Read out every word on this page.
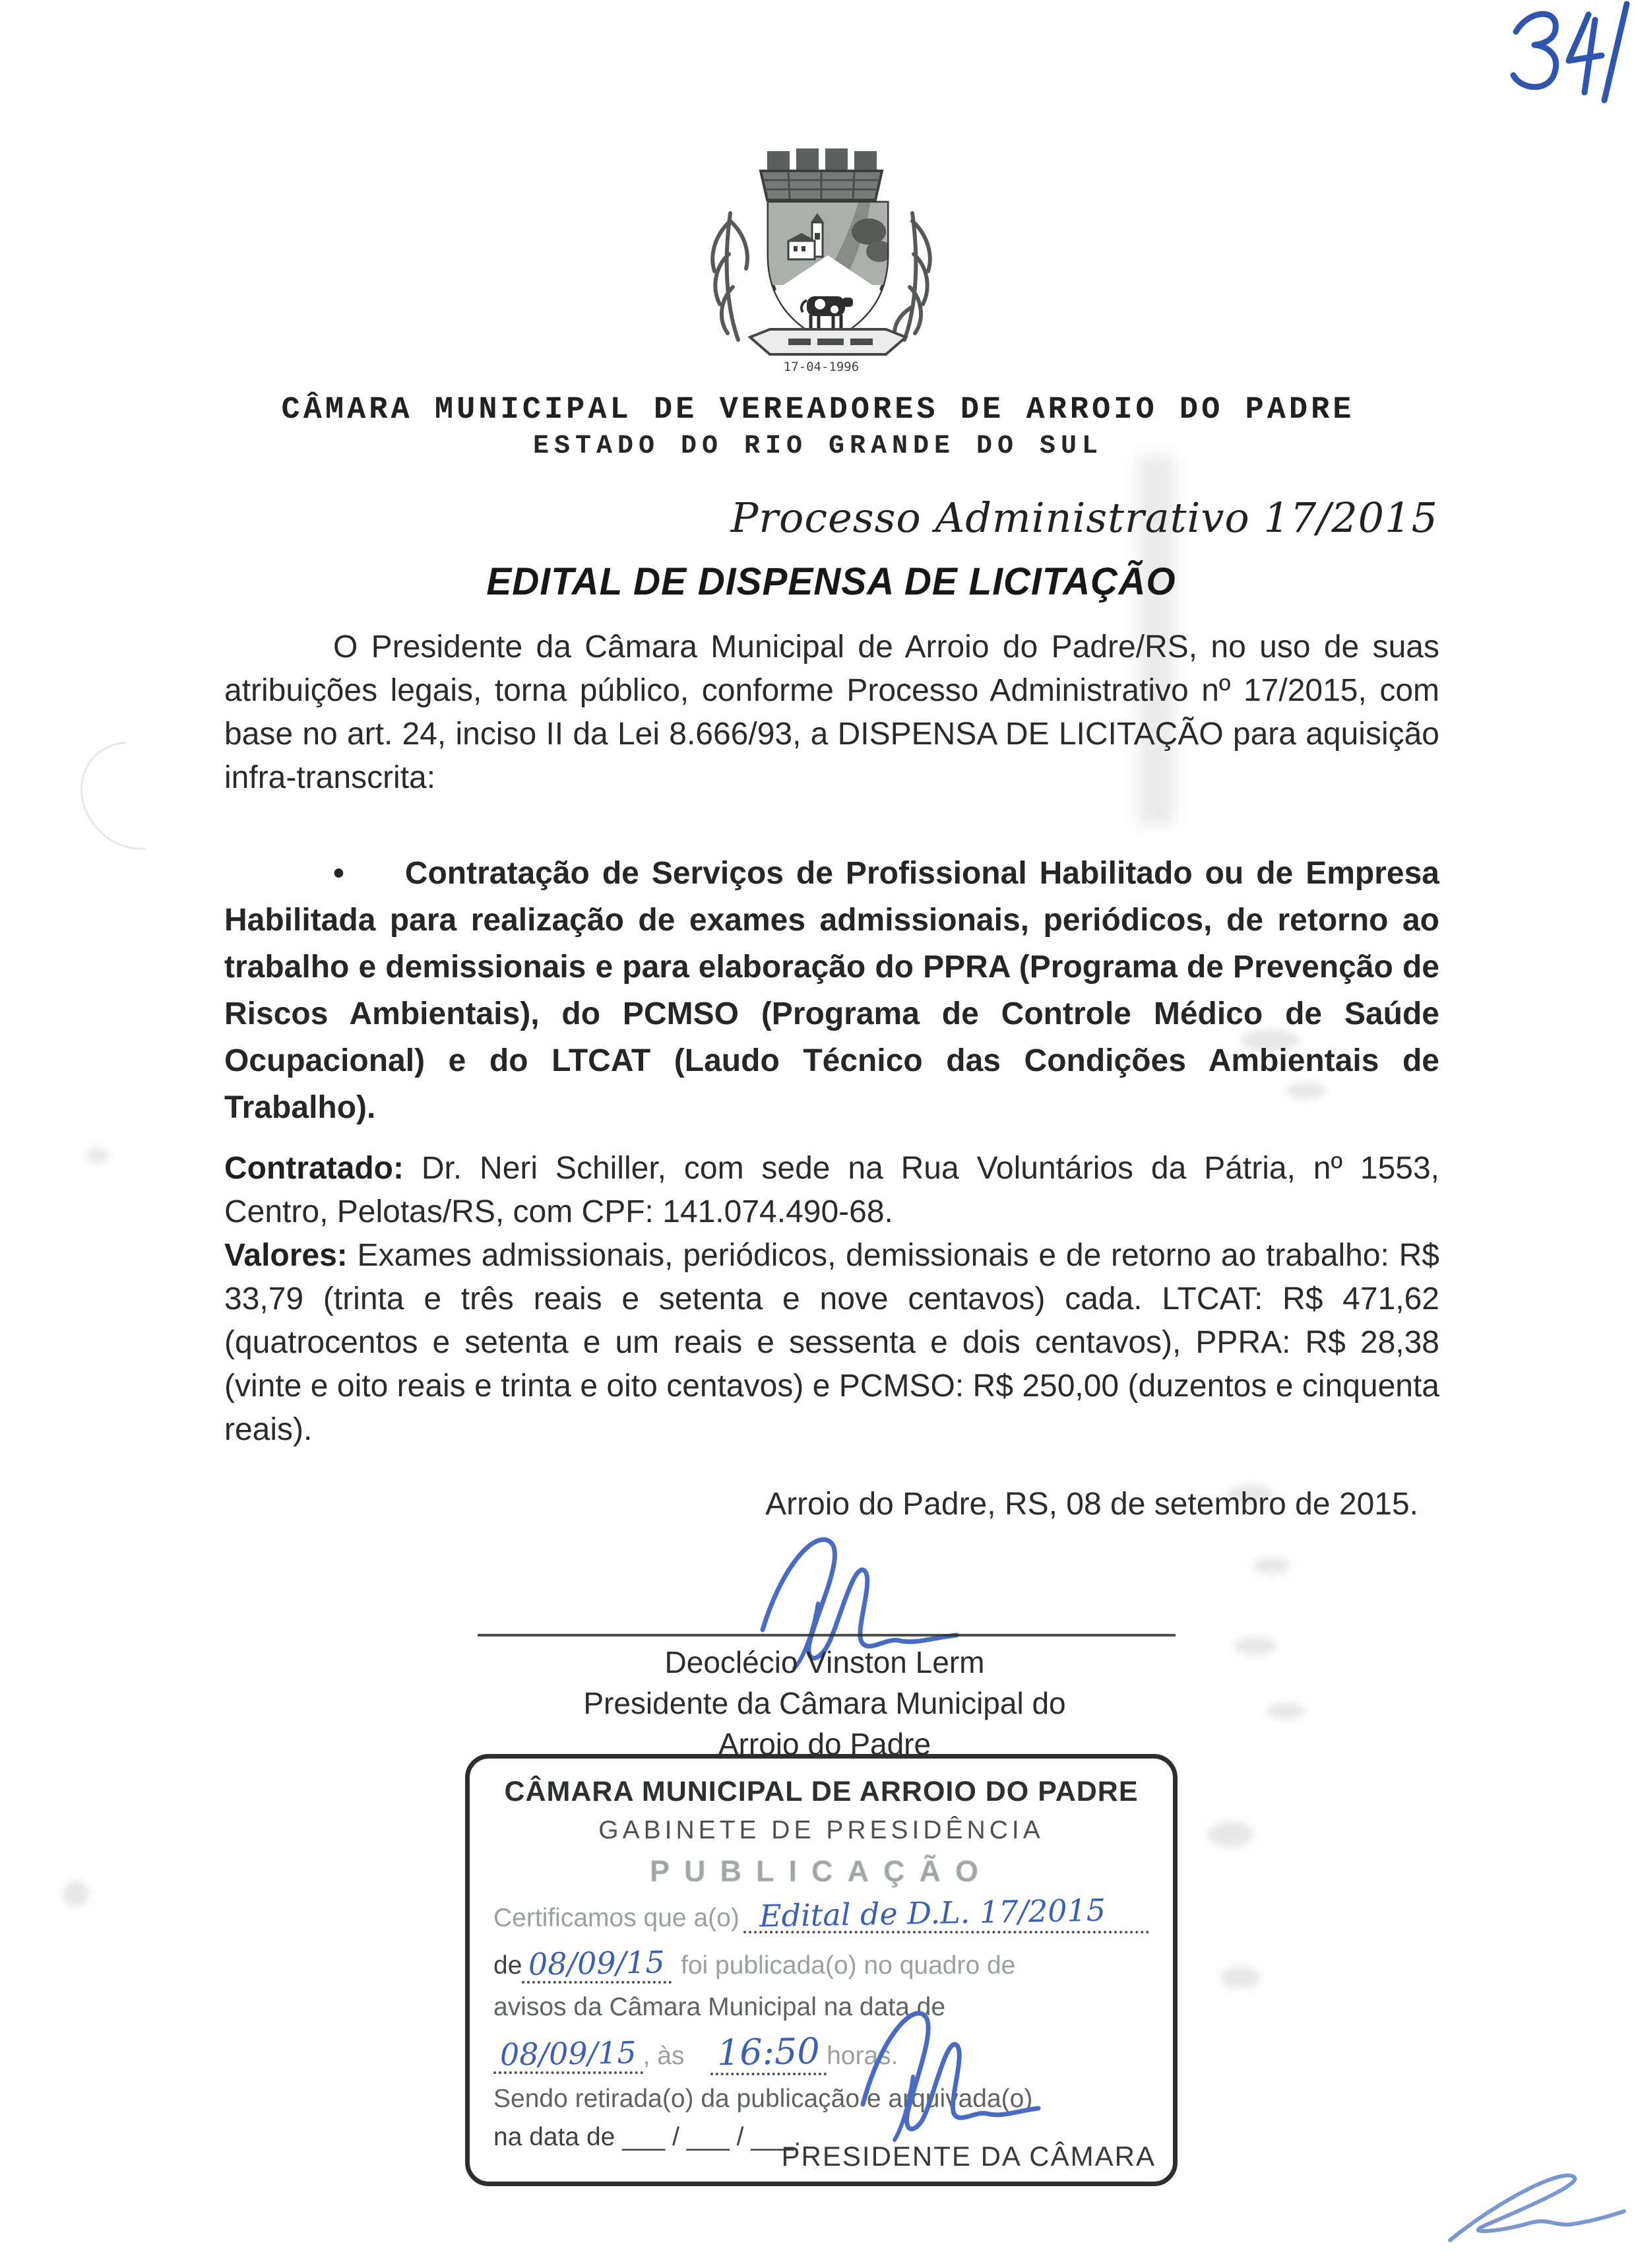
17-04-1996
CÂMARA MUNICIPAL DE VEREADORES DE ARROIO DO PADRE
ESTADO DO RIO GRANDE DO SUL
Processo Administrativo 17/2015
EDITAL DE DISPENSA DE LICITAÇÃO
O Presidente da Câmara Municipal de Arroio do Padre/RS, no uso de suas atribuições legais, torna público, conforme Processo Administrativo nº 17/2015, com base no art. 24, inciso II da Lei 8.666/93, a DISPENSA DE LICITAÇÃO para aquisição infra-transcrita:
• Contratação de Serviços de Profissional Habilitado ou de Empresa Habilitada para realização de exames admissionais, periódicos, de retorno ao trabalho e demissionais e para elaboração do PPRA (Programa de Prevenção de Riscos Ambientais), do PCMSO (Programa de Controle Médico de Saúde Ocupacional) e do LTCAT (Laudo Técnico das Condições Ambientais de Trabalho).
Contratado: Dr. Neri Schiller, com sede na Rua Voluntários da Pátria, nº 1553, Centro, Pelotas/RS, com CPF: 141.074.490-68.
Valores: Exames admissionais, periódicos, demissionais e de retorno ao trabalho: R$ 33,79 (trinta e três reais e setenta e nove centavos) cada. LTCAT: R$ 471,62 (quatrocentos e setenta e um reais e sessenta e dois centavos), PPRA: R$ 28,38 (vinte e oito reais e trinta e oito centavos) e PCMSO: R$ 250,00 (duzentos e cinquenta reais).
Arroio do Padre, RS, 08 de setembro de 2015.
Deoclécio Vinston Lerm
Presidente da Câmara Municipal do
Arroio do Padre
CÂMARA MUNICIPAL DE ARROIO DO PADRE
GABINETE DE PRESIDÊNCIA
PUBLICAÇÃO
Certificamos que a(o) Edital de D.L. 17/2015
de 08/09/15 foi publicada(o) no quadro de
avisos da Câmara Municipal na data de
08/09/15 , às 16:50 horas.
Sendo retirada(o) da publicação e arquivada(o)
na data de ___ / ___ / ___.
PRESIDENTE DA CÂMARA
